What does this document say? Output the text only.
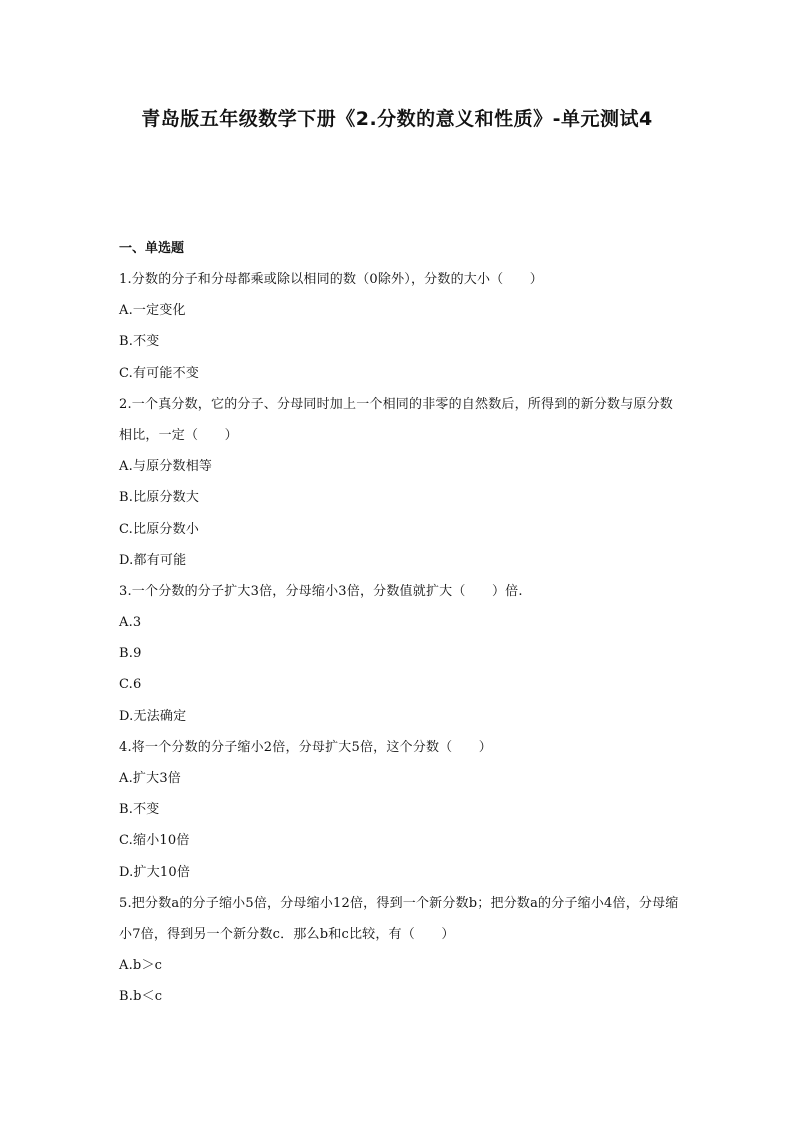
青岛版五年级数学下册《2.分数的意义和性质》-单元测试4
一、单选题
1.分数的分子和分母都乘或除以相同的数（0除外），分数的大小（　　）
A.一定变化
B.不变
C.有可能不变
2.一个真分数，它的分子、分母同时加上一个相同的非零的自然数后，所得到的新分数与原分数相比，一定（　　）
A.与原分数相等
B.比原分数大
C.比原分数小
D.都有可能
3.一个分数的分子扩大3倍，分母缩小3倍，分数值就扩大（　　）倍.
A.3
B.9
C.6
D.无法确定
4.将一个分数的分子缩小2倍，分母扩大5倍，这个分数（　　）
A.扩大3倍
B.不变
C.缩小10倍
D.扩大10倍
5.把分数a的分子缩小5倍，分母缩小12倍，得到一个新分数b；把分数a的分子缩小4倍，分母缩小7倍，得到另一个新分数c．那么b和c比较，有（　　）
A.b＞c
B.b＜c
